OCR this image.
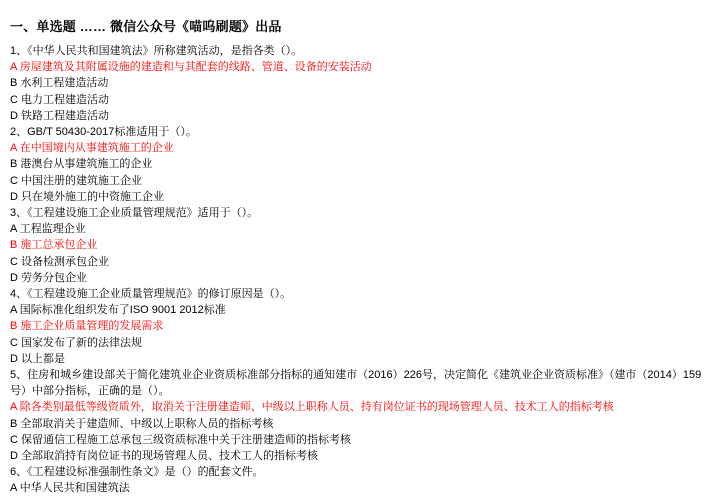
一、单选题 …… 微信公众号《喵呜刷题》出品
1、《中华人民共和国建筑法》所称建筑活动，是指各类（）。
A 房屋建筑及其附属设施的建造和与其配套的线路、管道、设备的安装活动
B 水利工程建造活动
C 电力工程建造活动
D 铁路工程建造活动
2、GB/T 50430-2017标准适用于（）。
A 在中国境内从事建筑施工的企业
B 港澳台从事建筑施工的企业
C 中国注册的建筑施工企业
D 只在境外施工的中资施工企业
3、《工程建设施工企业质量管理规范》适用于（）。
A 工程监理企业
B 施工总承包企业
C 设备检测承包企业
D 劳务分包企业
4、《工程建设施工企业质量管理规范》的修订原因是（）。
A 国际标准化组织发布了ISO 9001 2012标准
B 施工企业质量管理的发展需求
C 国家发布了新的法律法规
D 以上都是
5、住房和城乡建设部关于简化建筑业企业资质标准部分指标的通知建市（2016）226号，决定简化《建筑业企业资质标准》（建市（2014）159号）中部分指标，正确的是（）。
A 除各类别最低等级资质外，取消关于注册建造师、中级以上职称人员、持有岗位证书的现场管理人员、技术工人的指标考核
B 全部取消关于建造师、中级以上职称人员的指标考核
C 保留通信工程施工总承包三级资质标准中关于注册建造师的指标考核
D 全部取消持有岗位证书的现场管理人员、技术工人的指标考核
6、《工程建设标准强制性条文》是（）的配套文件。
A 中华人民共和国建筑法
